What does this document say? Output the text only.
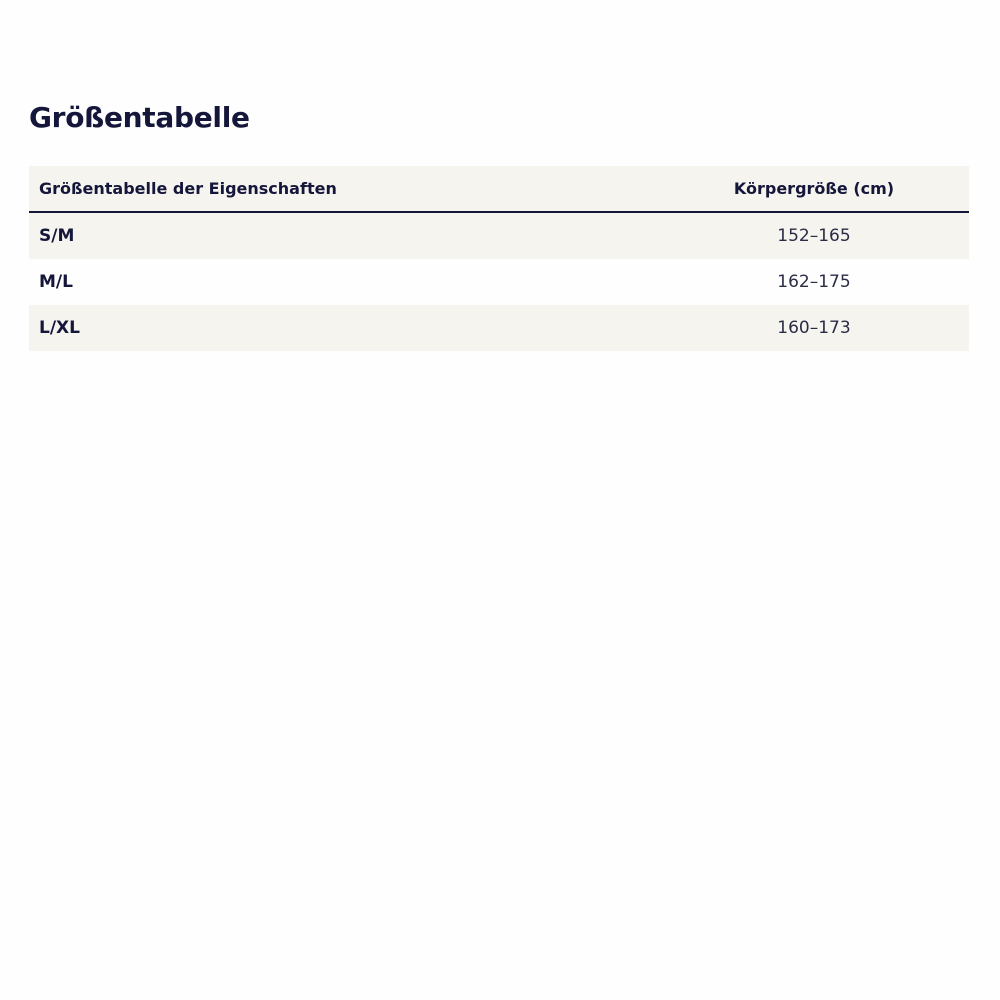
Größentabelle
Größentabelle der Eigenschaften	Körpergröße (cm)
S/M	152–165
M/L	162–175
L/XL	160–173
